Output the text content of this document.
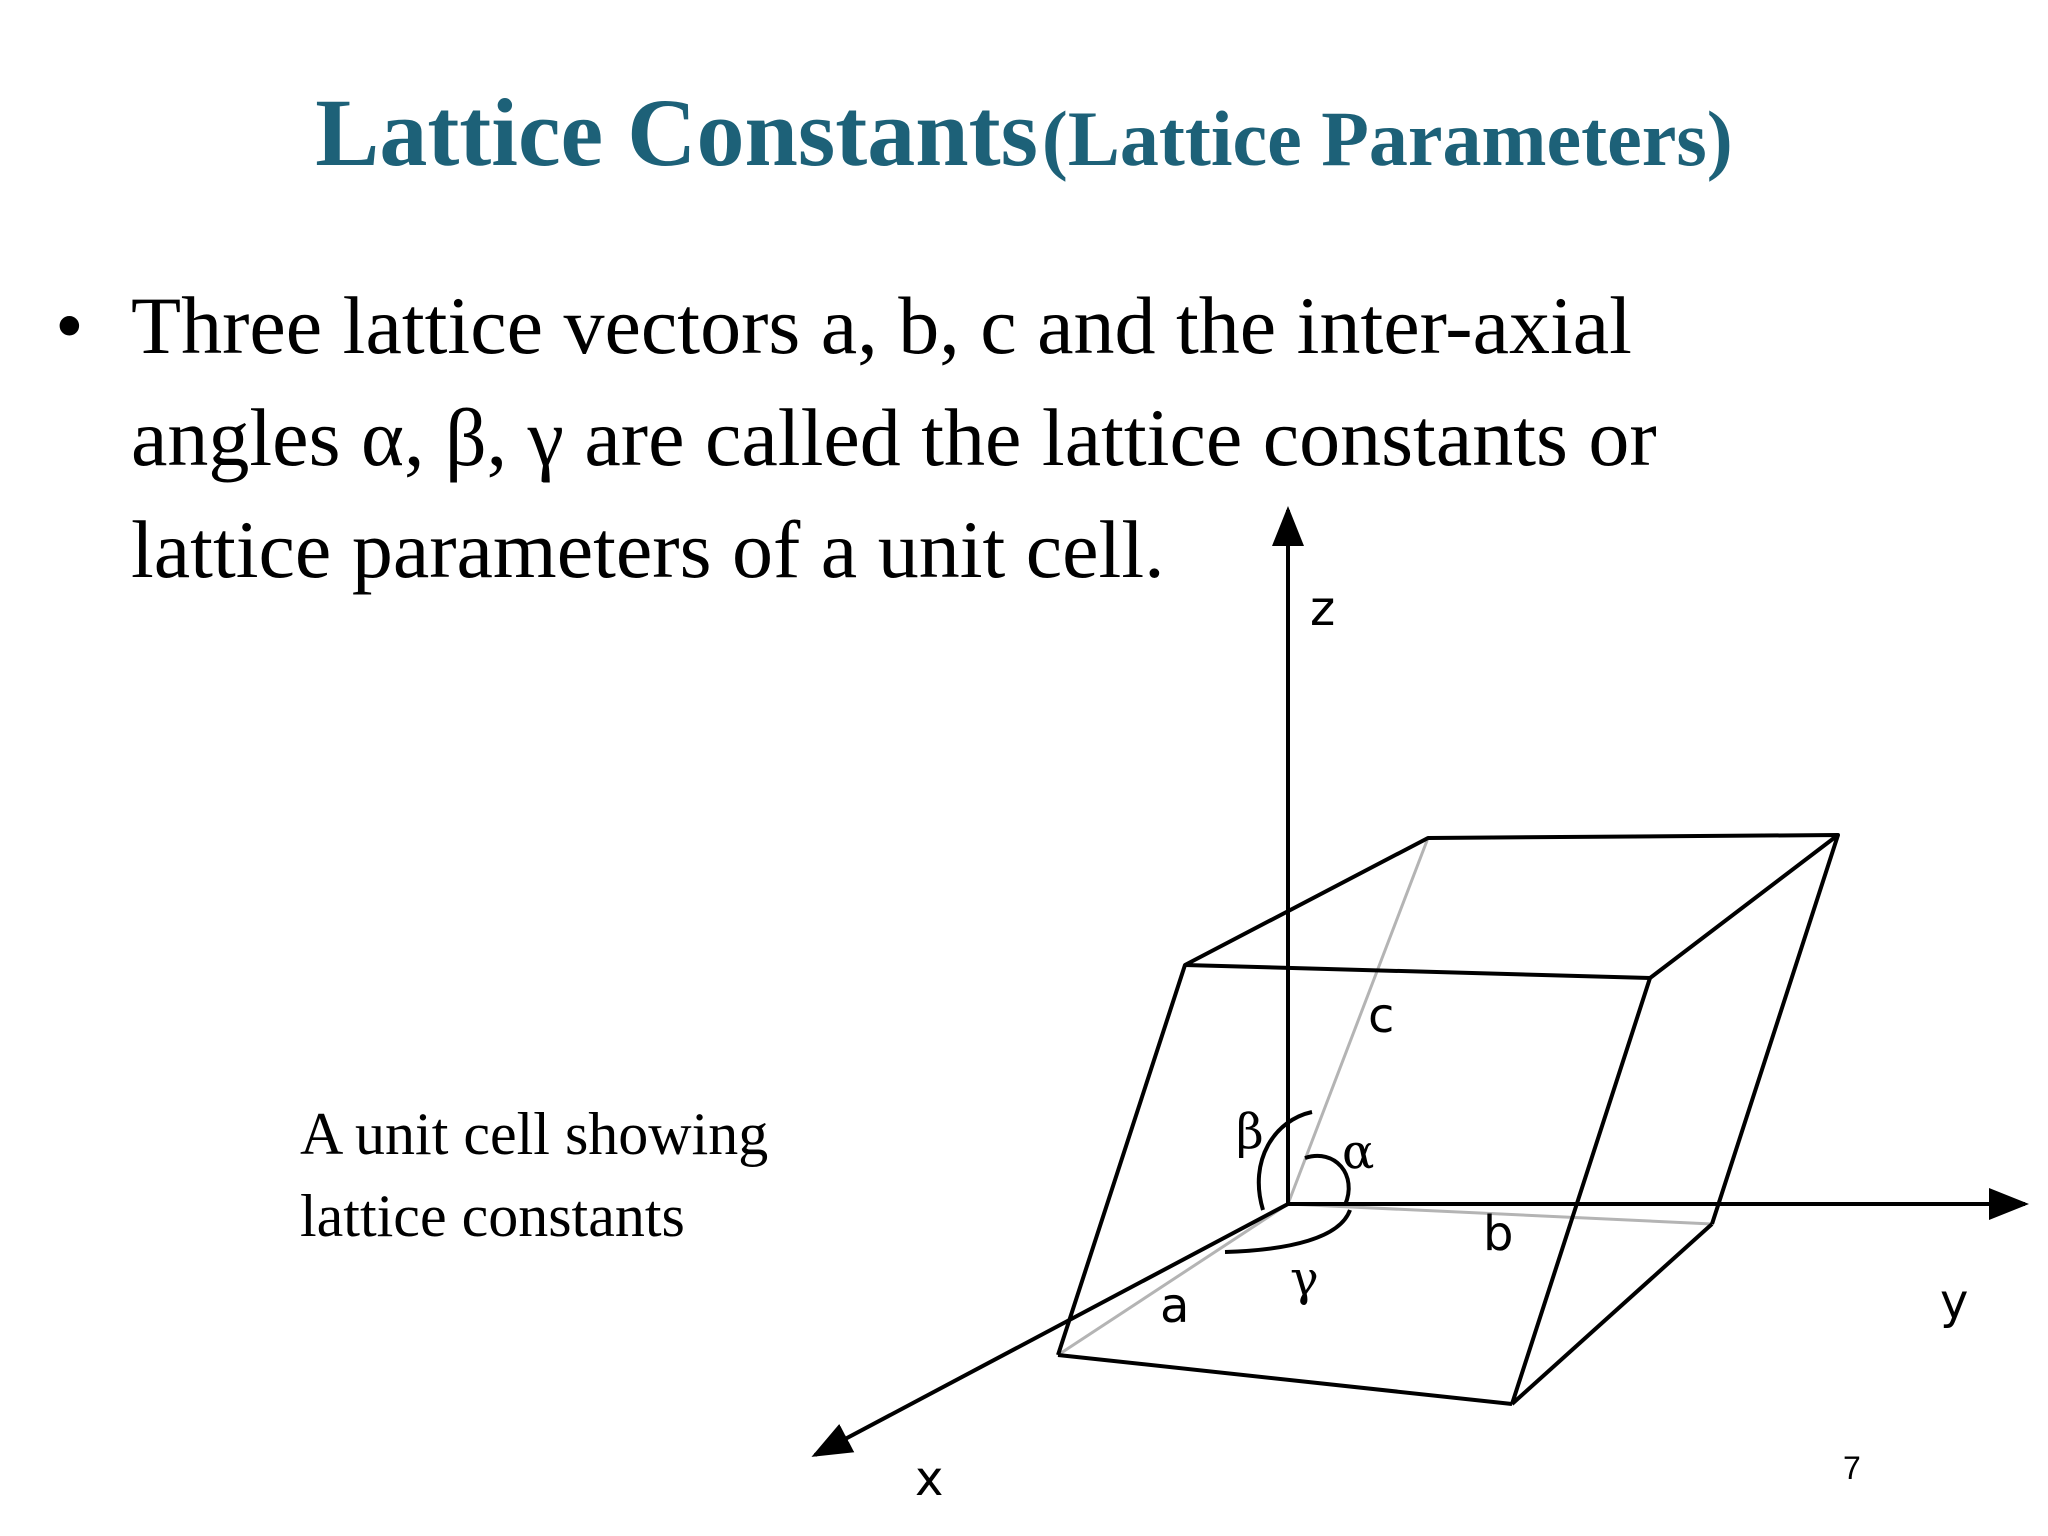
Lattice Constants (Lattice Parameters)
• Three lattice vectors a, b, c and the inter-axial
angles α, β, γ are called the lattice constants or
lattice parameters of a unit cell.
z
y
x
a
b
c
α
β
γ
A unit cell showing
lattice constants
7
